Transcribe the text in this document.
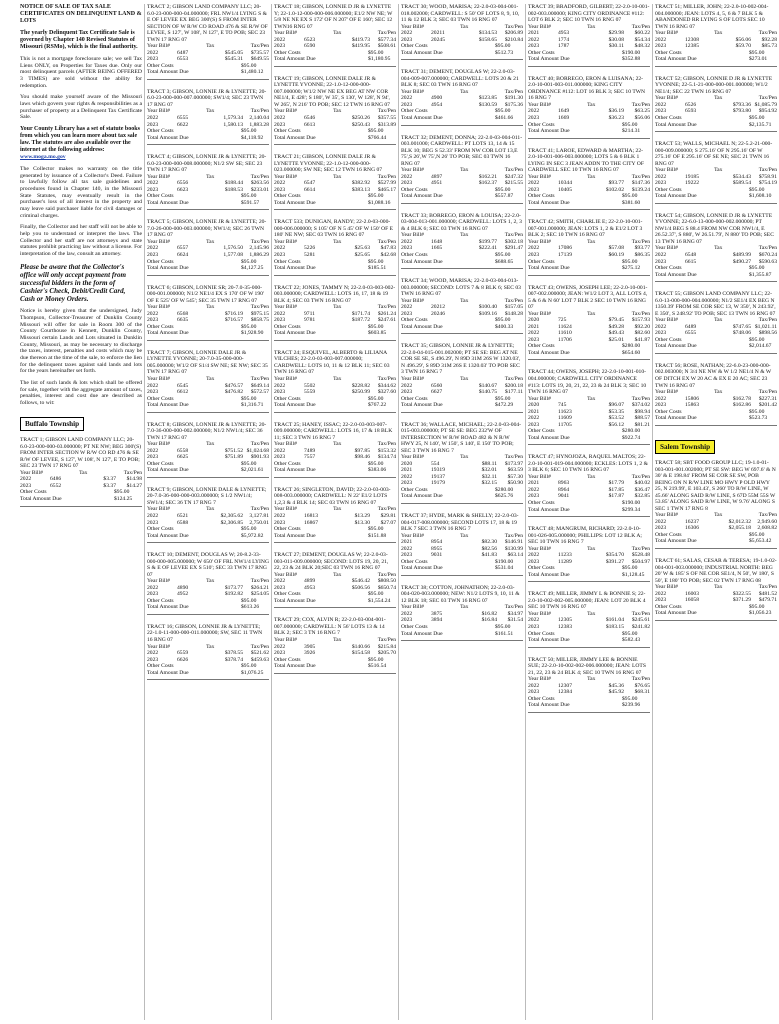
NOTICE OF SALE OF TAX SALE CERTIFICATES ON DELINQUENT LAND & LOTS

The yearly Delinquent Tax Certificate Sale is governed by Chapter 140 Revised Statutes of Missouri (RSMo), which is the final authority.

This is not a mortgage foreclosure sale; we sell Tax Liens ONLY, on Properties for Taxes due. Only our most delinquent parcels (AFTER BEING OFFERED 3 TIMES) are sold without the ability for redemption.

You should make yourself aware of the Missouri laws which govern your rights & responsibilities as a purchaser of property at a Delinquent Tax Certificate Sale.

Your County Library has a set of statute books from which you can learn more about tax sale law. The statutes are also available over the internet at the following address:

www.moga.mo.gov

The Collector makes no warranty on the title generated by issuance of a Collector's Deed. Failure to lawfully follow all tax sale guidelines and procedures found in Chapter 140, in the Missouri State Statutes, may eventually result in the purchaser's loss of all interest in the property and may leave said purchaser liable for civil damages or criminal charges.

Finally, the Collector and her staff will not be able to help you to understand or interpret the laws. The Collector and her staff are not attorneys and state statutes prohibit practicing law without a license. For interpretation of the law, consult an attorney.

Please be aware that the Collector's office will only accept payment from successful bidders in the form of Cashier's Check, Debit/Credit Card, Cash or Money Orders.

Notice is hereby given that the undersigned, Judy Thompson, Collector-Treasurer of Dunklin County Missouri will offer for sale in Room 300 of the County Courthouse in Kennett, Dunklin County, Missouri certain Lands and Lots situated in Dunklin County, Missouri, as may be necessary to discharge the taxes, interest, penalties and costs which may be due thereon at the time of the sale, to enforce the lien for the delinquent taxes against said lands and lots for the years hereinafter set forth.

The list of such lands & lots which shall be offered for sale, together with the aggregate amount of taxes, penalties, interest and cost due are described as follows, to wit:

Buffalo Township
TRACT 1; GIBSON LAND COMPANY LLC; 20-6.0-23-000-000-03.000000; PT NE NW; BEG 300'(S) FROM INTER SECTION W R/W CO RD 476 & SE R/W OF LEVEE, S 127', W 108', N 127', E TO POB; SEC 23 TWN 17 RNG 07
Year Bill#	Tax	Tax/Pen
2022	6486	$3.37	$14.98
2023	6552	$3.37	$14.27
Other Costs	$95.00
Total Amount Due	$124.25
TRACT 2; GIBSON LAND COMPANY LLC; 20-6.0-23-000-000-04.000000; FRL NW1/4 LYING S & E OF LEVEE EX BEG 300'(S) S FROM INTER SECTION OF W R/W CO ROAD 476 & SE R/W OF LEVEE, S 127', W 108', N 127', E TO POB; SEC 23 TWN 17 RNG 07
Year Bill#	Tax	Tax/Pen
2022	6487	$545.05	$735.57
2023	6553	$545.31	$649.55
Other Costs	$95.00
Total Amount Due	$1,480.12
TRACT 3; GIBSON, LONNIE JR & LYNETTE; 20-6.0-23-000-000-007.000000; SW1/4; SEC 23 TWN 17 RNG 07
Year Bill#	Tax	Tax/Pen
2022	6555	1,579.34	2,140.04
2023	6622	1,580.13	1,883.28
Other Costs	$95.00
Total Amount Due	$4,118.92
TRACT 4; GIBSON, LONNIE JR & LYNETTE; 20-6.0-23-000-000-008.000000; N1/2 SW SE; SEC 23 TWN 17 RNG 07
Year Bill#	Tax	Tax/Pen
2022	6556	$188.44	$263.56
2023	6623	$188.53	$233.01
Other Costs	$95.00
Total Amount Due	$591.57
TRACT 5; GIBSON, LONNIE JR & LYNETTE; 20-7.0-26-000-000-003.000000; NW1/4; SEC 26 TWN 17 RNG 07
Year Bill#	Tax	Tax/Pen
2022	6557	1,576.50	2,145.96
2023	6624	1,577.08	1,886.29
Other Costs	$95.00
Total Amount Due	$4,127.25
TRACT 6; GIBSON, LONNIE SR; 20-7.0-35-000-000-001.000000; N1/2 NE1/4 EX S 170' OF W 190' OF E 525' OF W 545'; SEC 35 TWN 17 RNG 07
Year Bill#	Tax	Tax/Pen
2022	6568	$716.19	$975.15
2023	6635	$716.57	$858.75
Other Costs	$95.00
Total Amount Due	$1,928.90
TRACT 7; GIBSON, LONNIE DALE JR & LYNETTE YVONNE; 20-7.0-35-000-000-005.000000; W1/2 OF S1/4 SW NE; SE NW; SEC 35 TWN 17 RNG 07
Year Bill#	Tax	Tax/Pen
2022	6545	$476.57	$649.14
2023	6612	$476.82	$572.57
Other Costs	$95.00
Total Amount Due	$1,316.71
TRACT 8; GIBSON, LONNIE JR & LYNETTE; 20-7.0-36-000-000-002.000000; N1/2 NW1/4; SEC 36 TWN 17 RNG 07
Year Bill#	Tax	Tax/Pen
2022	6558	$751.52 $1,024.68
2023	6625	$751.89	$901.93
Other Costs	$95.00
Total Amount Due	$2,021.61
TRACT 9; GIBSON, LONNIE DALE & LYNETTE; 20-7.0-36-000-000-003.000000; S 1/2 NW1/4; SW1/4; SEC 36 TN 17 RNG 7
Year Bill#	Tax	Tax/Pen
2022	6521	$2,305.62	3,127.81
2023	6588	$2,306.85	2,750.01
Other Costs	$95.00
Total Amount Due	$5,972.82
TRACT 10; DEMENT, DOUGLAS W; 20-8.2-33-000-000-005.000000; W 650' OF FRL NW1/4 LYING S & E OF LEVEE EX S 510'; SEC 33 TWN 17 RNG 07
Year Bill#	Tax	Tax/Pen
2022	4890	$173.77	$264.21
2023	4952	$192.82	$254.05
Other Costs	$95.00
Total Amount Due	$613.26
TRACT 16; GIBSON, LONNIE JR & LYNETTE; 22-1.0-11-000-000-011.000000; SW, SEC 11 TWN 16 RNG 07
Year Bill#	Tax	Tax/Pen
2022	6559	$378.55	$521.62
2023	6626	$378.74	$459.63
Other Costs	$95.00
Total Amount Due	$1,076.25
TRACT 18; GIBSON, LONNIE D JR & LYNETTE Y; 22-1.0-12-000-000-006.000000; E1/2 NW NE; W 5/8 NE NE EX S 172' OF N 207' OF E 160'; SEC 12 TWN16 RNG 07
Year Bill#	Tax	Tax/Pen
2022	6523	$419.73	$577.34
2023	6590	$419.95	$508.61
Other Costs	$95.00
Total Amount Due	$1,180.95
TRACT 19; GIBSON, LONNIE DALE JR & LYNETTE YVONNE; 22-1.0-12-000-000-007.000000; W1/2 NW NE EX BEG AT NW COR NE1/4, E 428'; S 180', W 35', S 130', W 128', N 94', W 265', N 216' TO POB; SEC 12 TWN 16 RNG 07
Year Bill#	Tax	Tax/Pen
2022	6546	$250.26	$357.55
2023	6613	$250.43	$313.89
Other Costs	$95.00
Total Amount Due	$766.44
TRACT 21; GIBSON, LONNIE DALE JR & LYNETTE YVONNE; 22-1.0-12-000-000-023.000000; SW NE; SEC 12 TWN 16 RNG 07
Year Bill#	Tax	Tax/Pen
2022	6547	$382.92	$527.99
2023	6614	$383.13	$465.17
Other Costs	$95.00
Total Amount Due	$1,088.16
TRACT 533; DUNIGAN, RANDY; 22-2.0-03-000-000-006.000000; S 105' OF N 5 45' OF W 150' OF E 180' NE NW; SEC 03 TWN 16 RNG 07
Year Bill#	Tax	Tax/Pen
2022	5226	$25.63	$47.83
2023	5281	$25.65	$42.68
Other Costs	$95.00
Total Amount Due	$185.51
TRACT 22; JONES, TAMMY N; 22-2.0-03-003-002-003.000000; CARDWELL: LOTS 16, 17, 18 & 19 BLK 4; SEC 03 TWN 16 RNG 07
Year Bill#	Tax	Tax/Pen
2022	9711	$171.74	$261.24
2023	9781	$187.72	$247.61
Other Costs	$95.00
Total Amount Due	$603.85
TRACT 24; ESQUIVEL, ALBERTO & LILIANA VILCHES; 22-2.0-03-003-007.000000; CARDWELL: LOTS 10, 11 & 12 BLK 11; SEC 03 TWN 16 RNG 07
Year Bill#	Tax	Tax/Pen
2022	5502	$228.82	$344.62
2023	5559	$250.99	$327.60
Other Costs	$95.00
Total Amount Due	$767.22
TRACT 25; HANEY, ISSAC; 22-2.0-03-003-007-009.000000; CARDWELL: LOTS 16, 17 & 18 BLK 11; SEC 3 TWN 16 RNG 7
Year Bill#	Tax	Tax/Pen
2022	7489	$97.85	$153.32
2023	7557	$98.46	$134.74
Other Costs	$95.00
Total Amount Due	$383.06
TRACT 26; SINGLETON, DAVID; 22-2.0-03-003-008-003.000000; CARDWELL: N 22' E1/2 LOTS 1,2,3 & 4 BLK 14; SEC 03 TWN 16 RNG 07
Year Bill#	Tax	Tax/Pen
2022	16813	$13.29	$29.81
2023	16867	$13.30	$27.07
Other Costs	$95.00
Total Amount Due	$151.88
TRACT 27; DEMENT, DOUGLAS W; 22-2.0-03-003-011-009.000000; SECOND: LOTS 19, 20, 21, 22, 23 & 24 BLK 20;SEC 03 TWN 16 RNG 07
Year Bill#	Tax	Tax/Pen
2022	4899	$546.42	$808.50
2023	4953	$506.56	$650.74
Other Costs	$95.00
Total Amount Due	$1,554.24
TRACT 29; COX, ALVIN R; 22-2.0-03-004-001-007.000000; CARDWELL: N 56' LOTS 13 & 14 BLK 2; SEC 3 TN 16 RNG 7
Year Bill#	Tax	Tax/Pen
2022	3905	$140.66	$215.84
2023	3926	$154.58	$205.70
Other Costs	$95.00
Total Amount Due	$516.54
TRACT 30; WOOD, MARISA; 22-2.0-03-004-001-018.002000; CARDWELL: S 50' OF LOTS 8, 9, 10, 11 & 12 BLK 3; SEC 03 TWN 16 RNG 07
Year Bill#	Tax	Tax/Pen
2022	20211	$134.53	$206.89
2023	20245	$158.65	$210.84
Other Costs	$95.00
Total Amount Due	$512.73
TRACT 31; DEMENT, DOUGLAS W; 22-2.0-03-004-009-007.000000; CARDWELL: LOTS 20 & 21 BLK 8; SEC 03 TWN 16 RNG 07
Year Bill#	Tax	Tax/Pen
2022	4900	$123.85	$191.30
2023	4954	$130.59	$175.36
Other Costs	$95.00
Total Amount Due	$461.66
TRACT 32; DEMENT, DONNA; 22-2.0-03-004-011-003.001000; CARDWELL: PT LOTS 13, 14 & 15 BLK 10; BEG S 52.33' FROM NW COR LOT 13,E 75',S 26',W 75',N 26' TO POB; SEC 03 TWN 16 RNG 07
Year Bill#	Tax	Tax/Pen
2022	4897	$162.21	$247.32
2023	4951	$162.37	$215.55
Other Costs	$95.00
Total Amount Due	$557.87
TRACT 33; BORREGO, ERON & LOUISA; 22-2.0-03-004-013-001.000000; CARDWELL: LOTS 1, 2, 3 & 4 BLK 6; SEC 03 TWN 16 RNG 07
Year Bill#	Tax	Tax/Pen
2022	1648	$199.77	$302.18
2023	1665	$222.41	$291.47
Other Costs	$95.00
Total Amount Due	$688.65
TRACT 34; WOOD, MARISA; 22-2.0-03-004-013-003.000000; SECOND: LOTS 7 & 8 BLK 6; SEC 03 TWN 16 RNG 07
Year Bill#	Tax	Tax/Pen
2022	20212	$100.40	$157.05
2023	20246	$109.16	$148.28
Other Costs	$95.00
Total Amount Due	$400.33
TRACT 35; GIBSON, LONNIE JR & LYNETTE; 22-2.0-04-015-001.002000; PT SE SE: BEG AT NE COR SE SE, S 496.29', N 89D 31M 26S W 1320.03', N 496.29', S 89D 31M 26S E 1320.03' TO POB SEC 3 TWN 16 RNG 7
Year Bill#	Tax	Tax/Pen
2022	6560	$140.67	$200.18
2023	6627	$140.75	$177.11
Other Costs	$95.00
Total Amount Due	$472.29
TRACT 36; WALLACE, MICHAEL; 22-2.0-03-004-015-003.000000; PT SE SE: BEG 232'W OF INTERSECTION W R/W ROAD 482 & N R/W HWY 25, N 140', W 150', S 140', E 150' TO POB; SEC 3 TWN 16 RNG 7
Year Bill#	Tax	Tax/Pen
2020	554	$88.11	$173.97
2021	19319	$32.01	$63.59
2022	19137	$32.11	$57.30
2023	19179	$32.15	$50.90
Other Costs	$280.00
Total Amount Due	$625.76
TRACT 37; HYDE, MARK & SHELLY; 22-2.0-03-004-017-008.000000; SECOND LOTS 17, 18 & 19 BLK 7 SEC 3 TWN 16 RNG 7
Year Bill#	Tax	Tax/Pen
2021	8954	$82.30	$146.91
2022	8955	$82.56	$130.99
2023	9031	$41.83	$63.14
Other Costs	$190.00
Total Amount Due	$531.04
TRACT 38; COTTON, JOHNATHON; 22-2.0-03-004-020-003.000000; NEW: N1/2 LOTS 9, 10, 11 & 12 BLK 18; SEC 03 TWN 16 RNG 07
Year Bill#	Tax	Tax/Pen
2022	3875	$16.82	$34.97
2023	3894	$16.84	$31.54
Other Costs	$95.00
Total Amount Due	$161.51
TRACT 39; BRADFORD, GILBERT; 22-2.0-10-001-002-003.000000; KING CITY ORDINANCE #112: LOT 6 BLK 2; SEC 10 TWN 16 RNG 07
Year Bill#	Tax	Tax/Pen
2021	4953	$29.98	$60.22
2022	1774	$30.08	$54.34
2023	1787	$30.11	$48.32
Other Costs	$190.00
Total Amount Due	$352.88
TRACT 40; BORREGO, ERON & LUISANA; 22-2.0-10-001-003-011.000000; KING CITY ORDINANCE #112: LOT 16 BLK 3; SEC 10 TWN 16 RNG 7
Year Bill#	Tax	Tax/Pen
2022	1649	$36.19	$63.25
2023	1669	$36.23	$56.06
Other Costs	$95.00
Total Amount Due	$214.31
TRACT 41; LAROE, EDWARD & MARTHA; 22-2.0-10-001-006-003.000000; LOTS 5 & 6 BLK 1 LYING IN SEC 3 JEAN ADDN TO THE CITY OF CARDWELL SEC 10 TWN 16 RNG 07
Year Bill#	Tax	Tax/Pen
2022	10344	$93.77	$147.36
2023	10405	$102.02	$139.24
Other Costs	$95.00
Total Amount Due	$381.60
TRACT 42; SMITH, CHARLIE E; 22-2.0-10-001-007-001.000000; JEAN: LOTS 1, 2 & E1/2 LOT 3 BLK 2; SEC 10 TWN 16 RNG 07
Year Bill#	Tax	Tax/Pen
2022	17086	$57.08	$93.77
2023	17139	$60.19	$86.35
Other Costs	$95.00
Total Amount Due	$275.12
TRACT 43; OWENS, JOSEPH LEE; 22-2.0-10-001-007-002.000000; JEAN: W1/2 LOT 3, ALL LOTS 4, 5 & 6 & N 60' LOT 7 BLK 2 SEC 10 TWN 16 RNG 07
Year Bill#	Tax	Tax/Pen
2020	725	$79.45	$157.93
2021	11624	$49.28	$92.20
2022	11610	$49.43	$82.60
2023	11706	$25.01	$41.87
Other Costs	$280.00
Total Amount Due	$654.60
TRACT 44; OWENS, JOSEPH; 22-2.0-10-001-010-004.000000; CARDWELL CITY ORDINANCE #113: LOTS 19, 20, 21, 22, 23 & 24 BLK 3; SEC 10 TWN 16 RNG 07
Year Bill#	Tax	Tax/Pen
2020	745	$96.07	$374.02
2021	11623	$53.35	$98.94
2022	11609	$53.52	$88.57
2023	11705	$56.12	$81.21
Other Costs	$280.00
Total Amount Due	$922.74
TRACT 47; HYNOJOZA, RAQUEL MALTOS; 22-2.0-10-001-019-004.000000; ECKLES: LOTS 1, 2 & 3 BLK 6; SEC 10 TWN 16 RNG 07
Year Bill#	Tax	Tax/Pen
2021	8963	$17.79	$40.02
2022	8964	$17.85	$36.47
2023	9041	$17.87	$32.85
Other Costs	$190.00
Total Amount Due	$299.34
TRACT 48; MANGRUM, RICHARD; 22-2.0-10-001-026-005.000000; PHILLIPS: LOT 12 BLK A; SEC 10 TWN 16 RNG 7
Year Bill#	Tax	Tax/Pen
2022	11233	$354.70	$528.48
2023	11289	$391.27	$504.97
Other Costs	$95.00
Total Amount Due	$1,128.45
TRACT 49; MILLER, JIMMY L & BONNIE S; 22-2.0-10-002-002-005.000000; JEAN: LOT 20 BLK 4 SEC 10 TWN 16 RNG 07
Year Bill#	Tax	Tax/Pen
2022	12305	$161.04	$245.61
2023	12383	$183.15	$241.82
Other Costs	$95.00
Total Amount Due	$582.43
TRACT 50; MILLER, JIMMY LEE & BONNIE SUE; 22-2.0-10-002-002-006.000000; JEAN: LOTS 21, 22, 23 & 24 BLK 4; SEC 10 TWN 16 RNG 07
Year Bill#	Tax	Tax/Pen
2022	12307	$45.36	$76.65
2023	12384	$45.92	$68.31
Other Costs	$95.00
Total Amount Due	$239.96
TRACT 51; MILLER, JOHN; 22-2.0-10-002-004-004.000000; JEAN: LOTS 4, 5, 6 & 7 BLK 5 & ABANDONED RR LYING S OF LOTS SEC 10 TWN 16 RNG 07
Year Bill#	Tax	Tax/Pen
2022	12308	$56.06	$92.28
2023	12385	$59.70	$85.73
Other Costs	$95.00
Total Amount Due	$273.01
TRACT 52; GIBSON, LONNIE D JR & LYNETTE YVONNE; 22-5.1-21-000-000-001.000000; W1/2 NE1/4; SEC 22 TWN 16 RNG 07
Year Bill#	Tax	Tax/Pen
2022	6526	$793.36 $1,085.79
2023	6593	$793.80	$954.92
Other Costs	$95.00
Total Amount Due	$2,135.71
TRACT 53; WALLS, MICHAEL N; 22-5.2-21-000-000-009.000000; S 275.16' OF N 295.16' OF W 275.16' OF E 295.16' OF SE NE; SEC 21 TWN 16 RNG 07
Year Bill#	Tax	Tax/Pen
2022	19185	$534.43	$758.91
2023	19222	$589.54	$754.19
Other Costs	$95.00
Total Amount Due	$1,608.10
TRACT 54; GIBSON, LONNIE D JR & LYNETTE YVONNE; 22-6.0-13-000-000-002.000000; PT NW1/4 BEG S 88.4 FROM NW COR NW1/4, E 26.52.37', S 880', W 26.51.79', N 880' TO POB; SEC 13 TWN 16 RNG 07
Year Bill#	Tax	Tax/Pen
2022	6548	$489.99	$670.24
2023	6615	$490.27	$590.63
Other Costs	$95.00
Total Amount Due	$1,355.87
TRACT 55; GIBSON LAND COMPANY LLC; 22-6.0-13-000-000-004.000000; N1/2 SE1/4 EX BEG N 1350.39' FROM SE COR SEC 13, W 350', N 243.92', E 350', S 248.92' TO POB; SEC 13 TWN 16 RNG 07
Year Bill#	Tax	Tax/Pen
2022	6489	$747.65 $1,021.11
2023	6555	$748.06	$898.56
Other Costs	$95.00
Total Amount Due	$2,014.67
TRACT 56; ROSE, NATHAN; 22-6.0-23-000-000-002.003000; N 3/4 NE NW & W 1/2 NE1/4 N & W OF DITCH EX W 20 AC & EX E 20 AC; SEC 23 TWN 16 RNG 07
Year Bill#	Tax	Tax/Pen
2022	15806	$162.78	$227.31
2023	15863	$162.86	$201.42
Other Costs	$95.00
Total Amount Due	$523.73
Salem Township
TRACT 58; SBT FOOD GROUP LLC; 19-1.0-01-003-001-001.002000; PT SE SW: BEG W 697.6' & N 30' & E 198.84' FROM SE COR SE SW, POB BEING ON N R/W LINE MO HWY P OLD HWY 25, N 219.99', E 103.43', S 260' TO R/W LINE, W 45.66' ALONG SAID R/W LINE, S 67D 55M 55S W 53.85' ALONG SAID R/W LINE, W 9.76' ALONG S SEC 1 TWN 17 RNG 8
Year Bill#	Tax	Tax/Pen
2022	16237	$2,012.32	2,949.60
2023	16306	$2,055.18	2,608.82
Other Costs	$95.00
Total Amount Due	$5,653.42
TRACT 61; SALAS, CESAR & TERESA; 19-1.0-02-004-001-003.000000; INDUSTRIAL NORTH: BEG 20' W & 185' S OF NE COR SE1/4, N 50', W 180', S 50', E 180' TO POB; SEC 02 TWN 17 RNG 08
Year Bill#	Tax	Tax/Pen
2022	16003	$322.55	$481.52
2023	16058	$371.29	$479.71
Other Costs	$95.00
Total Amount Due	$1,056.23
